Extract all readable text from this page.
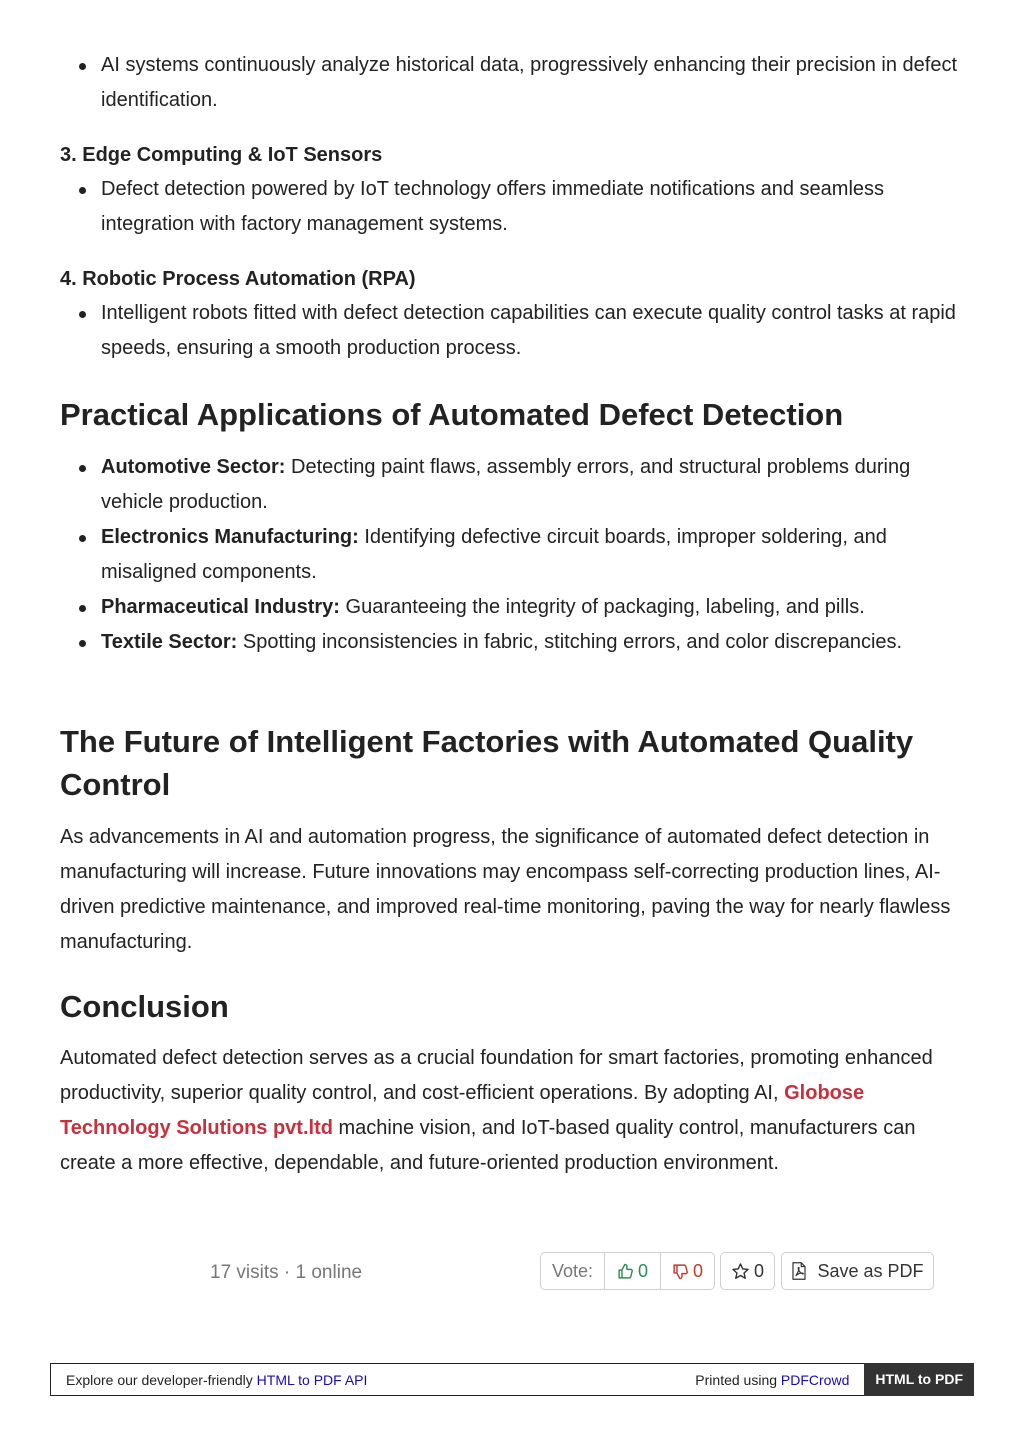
AI systems continuously analyze historical data, progressively enhancing their precision in defect identification.
3. Edge Computing & IoT Sensors
Defect detection powered by IoT technology offers immediate notifications and seamless integration with factory management systems.
4. Robotic Process Automation (RPA)
Intelligent robots fitted with defect detection capabilities can execute quality control tasks at rapid speeds, ensuring a smooth production process.
Practical Applications of Automated Defect Detection
Automotive Sector: Detecting paint flaws, assembly errors, and structural problems during vehicle production.
Electronics Manufacturing: Identifying defective circuit boards, improper soldering, and misaligned components.
Pharmaceutical Industry: Guaranteeing the integrity of packaging, labeling, and pills.
Textile Sector: Spotting inconsistencies in fabric, stitching errors, and color discrepancies.
The Future of Intelligent Factories with Automated Quality Control

As advancements in AI and automation progress, the significance of automated defect detection in manufacturing will increase. Future innovations may encompass self-correcting production lines, AI-driven predictive maintenance, and improved real-time monitoring, paving the way for nearly flawless manufacturing.

Conclusion

Automated defect detection serves as a crucial foundation for smart factories, promoting enhanced productivity, superior quality control, and cost-efficient operations. By adopting AI, Globose Technology Solutions pvt.ltd machine vision, and IoT-based quality control, manufacturers can create a more effective, dependable, and future-oriented production environment.

17 visits · 1 online	Vote:	0 0	0	Save as PDF
Explore our developer-friendly HTML to PDF API	Printed using PDFCrowd	HTML to PDF
